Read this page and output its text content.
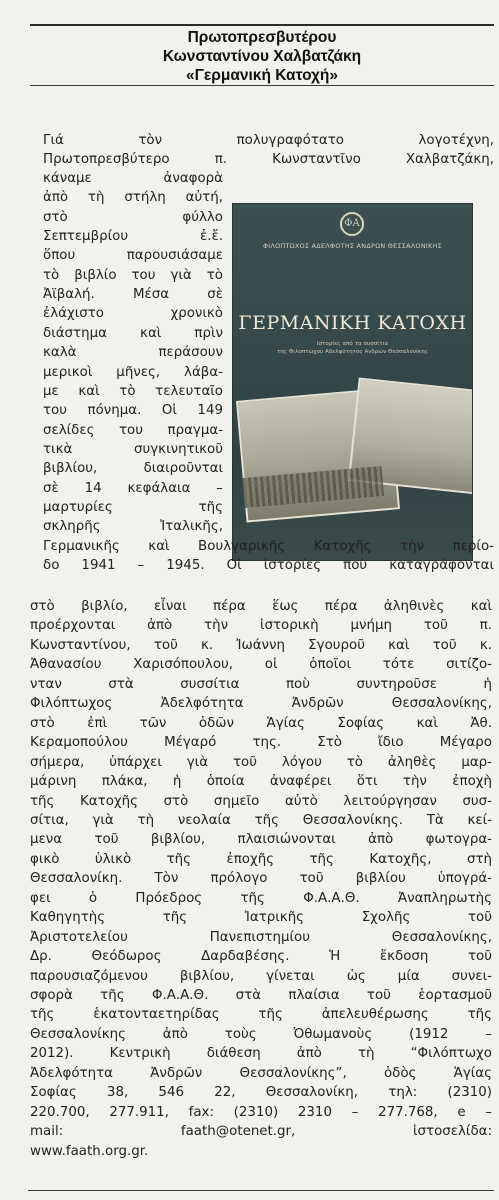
Πρωτοπρεσβυτέρου
Κωνσταντίνου Χαλβατζάκη
«Γερμανική Κατοχή»
ΦΑ
ΦΙΛΟΠΤΩΧΟΣ ΑΔΕΛΦΟΤΗΣ ΑΝΔΡΩΝ ΘΕΣΣΑΛΟΝΙΚΗΣ
ΓΕΡΜΑΝΙΚΗ ΚΑΤΟΧΗ
Ιστορίες από τα συσσίτια
της Φιλοπτώχου Αδελφότητος Ανδρών Θεσσαλονίκης
Γιά τὸν πολυγραφότατο λογοτέχνη,
Πρωτοπρεσβύτερο π. Κωνσταντῖνο Χαλβατζάκη,
κάναμε ἀναφορὰ
ἀπὸ τὴ στήλη αὐτή,
στὸ φύλλο
Σεπτεμβρίου ἐ.ἔ.
ὅπου παρουσιάσαμε
τὸ βιβλίο του γιὰ τὸ
Ἀϊβαλή. Μέσα σὲ
ἐλάχιστο χρονικὸ
διάστημα καὶ πρὶν
καλὰ περάσουν
μερικοὶ μῆνες, λάβα-
με καὶ τὸ τελευταῖο
του πόνημα. Οἱ 149
σελίδες του πραγμα-
τικὰ συγκινητικοῦ
βιβλίου, διαιροῦνται
σὲ 14 κεφάλαια –
μαρτυρίες τῆς
σκληρῆς Ἰταλικῆς,
Γερμανικῆς καὶ Βουλγαρικῆς Κατοχῆς τὴν περίο-
δο 1941 – 1945. Οἱ ἱστορίες ποὺ καταγράφονται
στὸ βιβλίο, εἶναι πέρα ἕως πέρα ἀληθινὲς καὶ
προέρχονται ἀπὸ τὴν ἱστορικὴ μνήμη τοῦ π.
Κωνσταντίνου, τοῦ κ. Ἰωάννη Σγουροῦ καὶ τοῦ κ.
Ἀθανασίου Χαρισόπουλου, οἱ ὁποῖοι τότε σιτίζο-
νταν στὰ συσσίτια ποὺ συντηροῦσε ἡ
Φιλόπτωχος Ἀδελφότητα Ἀνδρῶν Θεσσαλονίκης,
στὸ ἐπὶ τῶν ὁδῶν Ἁγίας Σοφίας καὶ Ἀθ.
Κεραμοπούλου Μέγαρό της. Στὸ ἴδιο Μέγαρο
σήμερα, ὑπάρχει γιὰ τοῦ λόγου τὸ ἀληθὲς μαρ-
μάρινη πλάκα, ἡ ὁποία ἀναφέρει ὅτι τὴν ἐποχὴ
τῆς Κατοχῆς στὸ σημεῖο αὐτὸ λειτούργησαν συσ-
σίτια, γιὰ τὴ νεολαία τῆς Θεσσαλονίκης. Τὰ κεί-
μενα τοῦ βιβλίου, πλαισιώνονται ἀπὸ φωτογρα-
φικὸ ὑλικὸ τῆς ἐποχῆς τῆς Κατοχῆς, στὴ
Θεσσαλονίκη. Τὸν πρόλογο τοῦ βιβλίου ὑπογρά-
φει ὁ Πρόεδρος τῆς Φ.Α.Α.Θ. Ἀναπληρωτὴς
Καθηγητὴς τῆς Ἰατρικῆς Σχολῆς τοῦ
Ἀριστοτελείου Πανεπιστημίου Θεσσαλονίκης,
Δρ. Θεόδωρος Δαρδαβέσης. Ἡ ἔκδοση τοῦ
παρουσιαζόμενου βιβλίου, γίνεται ὡς μία συνει-
σφορὰ τῆς Φ.Α.Α.Θ. στὰ πλαίσια τοῦ ἑορτασμοῦ
τῆς ἑκατονταετηρίδας τῆς ἀπελευθέρωσης τῆς
Θεσσαλονίκης ἀπὸ τοὺς Ὀθωμανοὺς (1912 –
2012). Κεντρικὴ διάθεση ἀπὸ τὴ “Φιλόπτωχο
Ἀδελφότητα Ἀνδρῶν Θεσσαλονίκης”, ὁδὸς Ἁγίας
Σοφίας 38, 546 22, Θεσσαλονίκη, τηλ: (2310)
220.700, 277.911, fax: (2310) 2310 – 277.768, e –
mail: faath@otenet.gr, ἱστοσελίδα:
www.faath.org.gr.
